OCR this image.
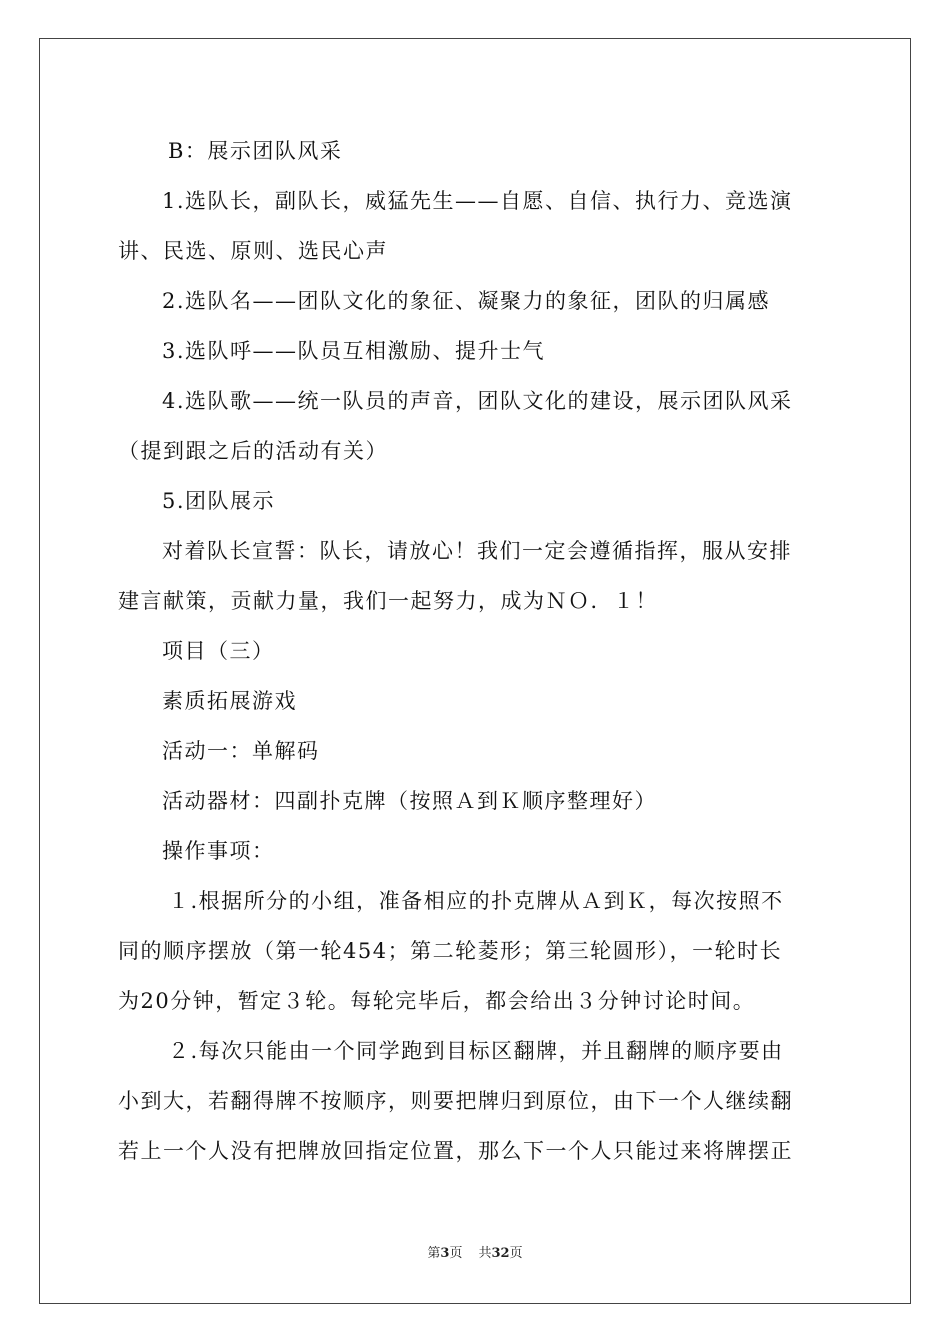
B：展示团队风采
1.选队长，副队长，威猛先生——自愿、自信、执行力、竞选演
讲、民选、原则、选民心声
2.选队名——团队文化的象征、凝聚力的象征，团队的归属感
3.选队呼——队员互相激励、提升士气
4.选队歌——统一队员的声音，团队文化的建设，展示团队风采
（提到跟之后的活动有关）
5.团队展示
对着队长宣誓：队长，请放心！我们一定会遵循指挥，服从安排
建言献策，贡献力量，我们一起努力，成为ＮＯ．１！
项目（三）
素质拓展游戏
活动一：单解码
活动器材：四副扑克牌（按照Ａ到Ｋ顺序整理好）
操作事项：
１.根据所分的小组，准备相应的扑克牌从Ａ到Ｋ，每次按照不
同的顺序摆放（第一轮454；第二轮菱形；第三轮圆形），一轮时长
为20分钟，暂定３轮。每轮完毕后，都会给出３分钟讨论时间。
２.每次只能由一个同学跑到目标区翻牌，并且翻牌的顺序要由
小到大，若翻得牌不按顺序，则要把牌归到原位，由下一个人继续翻
若上一个人没有把牌放回指定位置，那么下一个人只能过来将牌摆正
第3页 共32页
